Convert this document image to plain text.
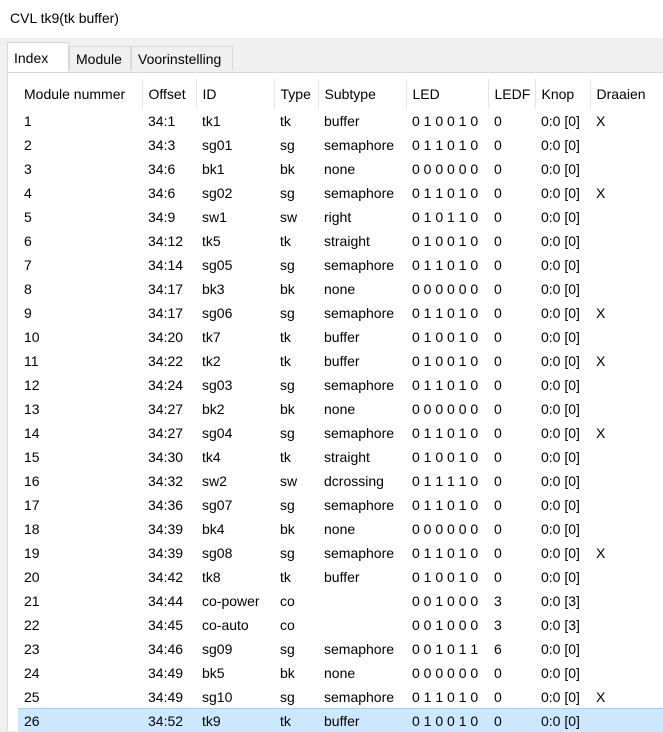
CVL tk9(tk buffer)
Index	Module	Voorinstelling
Module nummer	Offset	ID	Type	Subtype	LED	LEDF	Knop	Draaien
1	34:1	tk1	tk	buffer	0 1 0 0 1 0	0	0:0 [0]	X
2	34:3	sg01	sg	semaphore	0 1 1 0 1 0	0	0:0 [0]	
3	34:6	bk1	bk	none	0 0 0 0 0 0	0	0:0 [0]	
4	34:6	sg02	sg	semaphore	0 1 1 0 1 0	0	0:0 [0]	X
5	34:9	sw1	sw	right	0 1 0 1 1 0	0	0:0 [0]	
6	34:12	tk5	tk	straight	0 1 0 0 1 0	0	0:0 [0]	
7	34:14	sg05	sg	semaphore	0 1 1 0 1 0	0	0:0 [0]	
8	34:17	bk3	bk	none	0 0 0 0 0 0	0	0:0 [0]	
9	34:17	sg06	sg	semaphore	0 1 1 0 1 0	0	0:0 [0]	X
10	34:20	tk7	tk	buffer	0 1 0 0 1 0	0	0:0 [0]	
11	34:22	tk2	tk	buffer	0 1 0 0 1 0	0	0:0 [0]	X
12	34:24	sg03	sg	semaphore	0 1 1 0 1 0	0	0:0 [0]	
13	34:27	bk2	bk	none	0 0 0 0 0 0	0	0:0 [0]	
14	34:27	sg04	sg	semaphore	0 1 1 0 1 0	0	0:0 [0]	X
15	34:30	tk4	tk	straight	0 1 0 0 1 0	0	0:0 [0]	
16	34:32	sw2	sw	dcrossing	0 1 1 1 1 0	0	0:0 [0]	
17	34:36	sg07	sg	semaphore	0 1 1 0 1 0	0	0:0 [0]	
18	34:39	bk4	bk	none	0 0 0 0 0 0	0	0:0 [0]	
19	34:39	sg08	sg	semaphore	0 1 1 0 1 0	0	0:0 [0]	X
20	34:42	tk8	tk	buffer	0 1 0 0 1 0	0	0:0 [0]	
21	34:44	co-power	co		0 0 1 0 0 0	3	0:0 [3]	
22	34:45	co-auto	co		0 0 1 0 0 0	3	0:0 [3]	
23	34:46	sg09	sg	semaphore	0 0 1 0 1 1	6	0:0 [0]	
24	34:49	bk5	bk	none	0 0 0 0 0 0	0	0:0 [0]	
25	34:49	sg10	sg	semaphore	0 1 1 0 1 0	0	0:0 [0]	X
26	34:52	tk9	tk	buffer	0 1 0 0 1 0	0	0:0 [0]	
